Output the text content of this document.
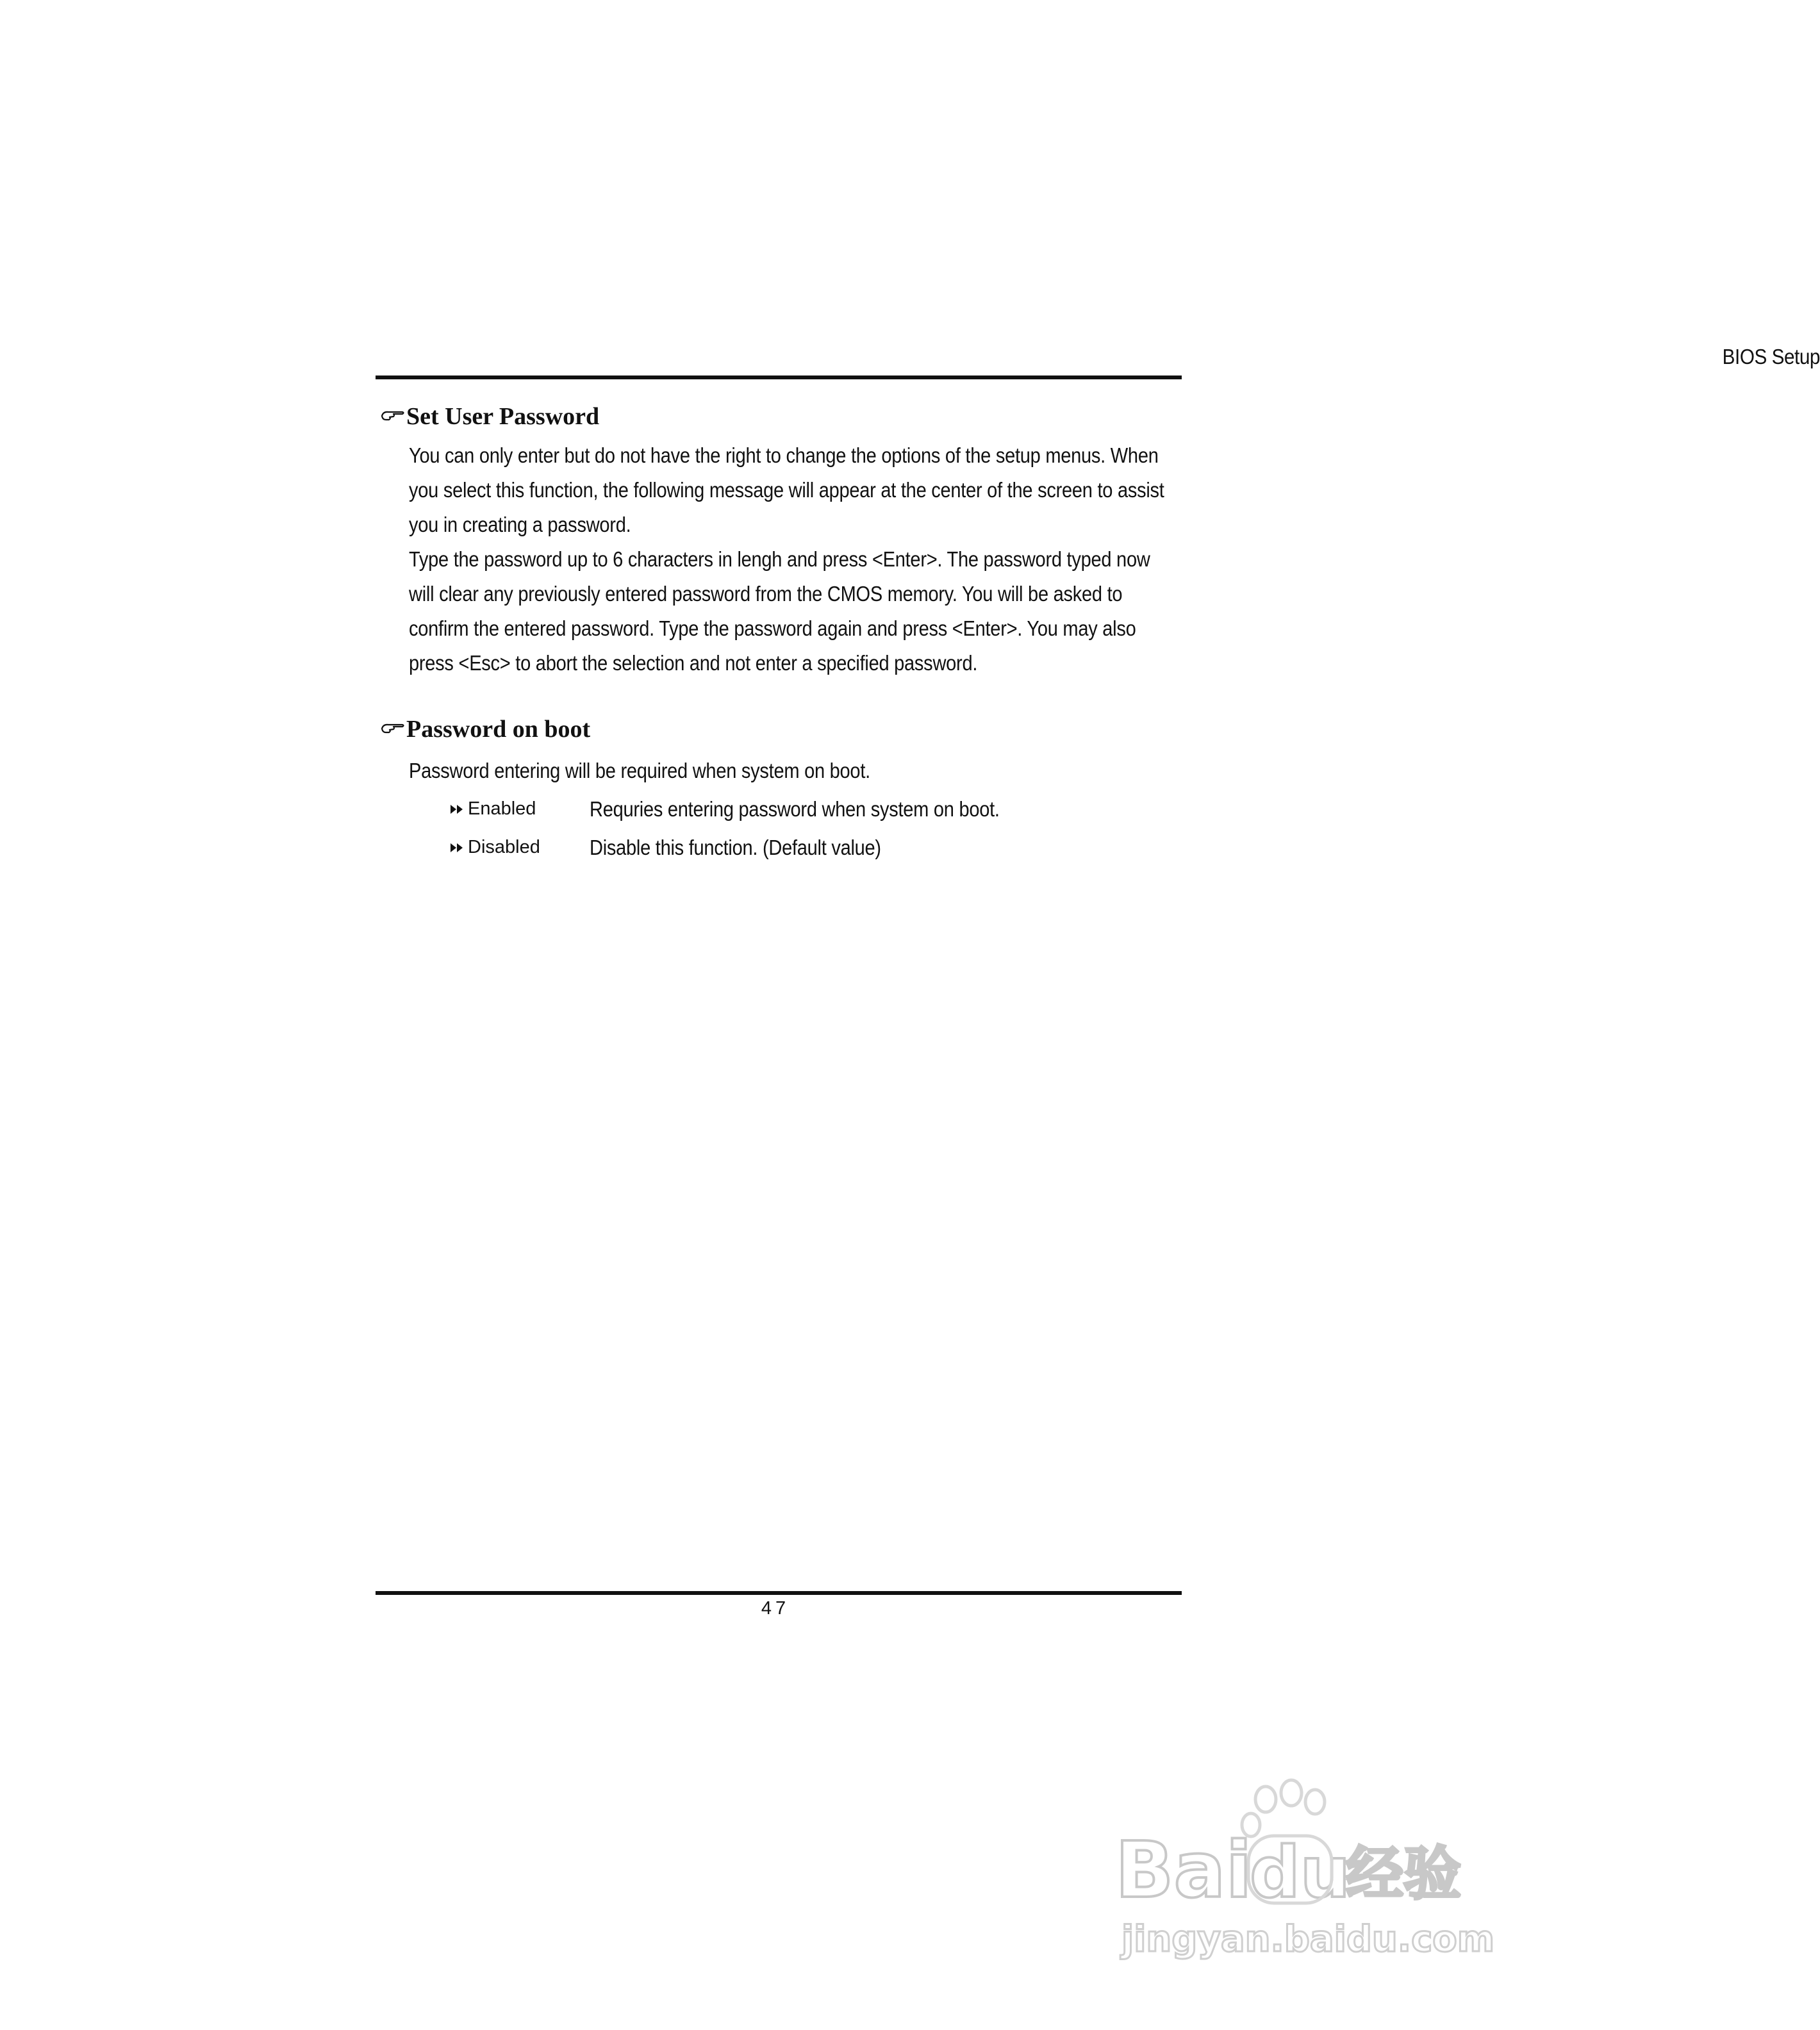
BIOS Setup
Set User Password
You can only enter but do not have the right to change the options of the setup menus. When
you select this function, the following message will appear at the center of the screen to assist
you in creating a password.
Type the password up to 6 characters in lengh and press <Enter>. The password typed now
will clear any previously entered password from the CMOS memory. You will be asked to
confirm the entered password. Type the password again and press <Enter>. You may also
press <Esc> to abort the selection and not enter a specified password.
Password on boot
Password entering will be required when system on boot.
Enabled	Requries entering password when system on boot.
Disabled Disable this function. (Default value)
47
Bai
du
经验
jingyan.baidu.com
